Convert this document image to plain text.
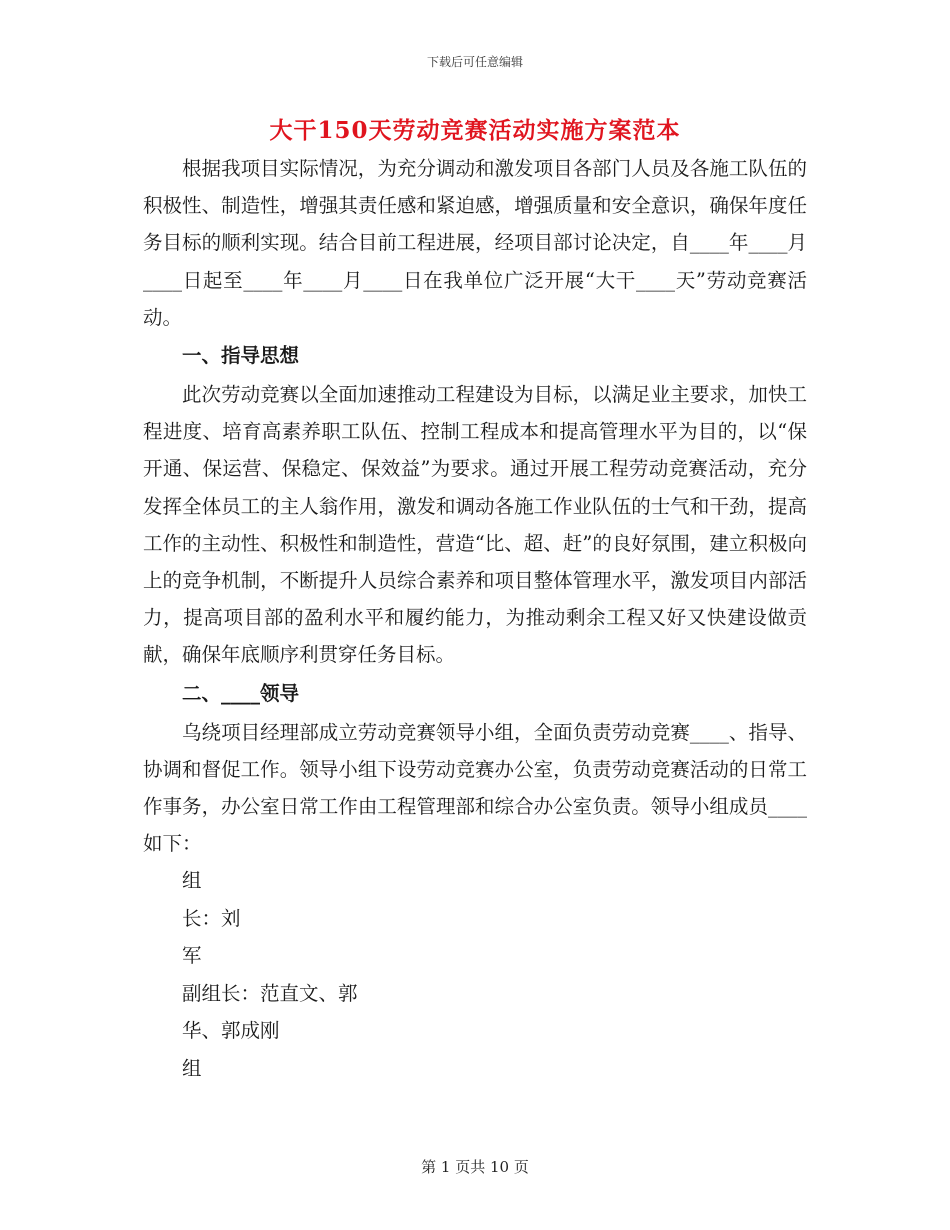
下载后可任意编辑
大干150天劳动竞赛活动实施方案范本

根据我项目实际情况，为充分调动和激发项目各部门人员及各施工队伍的积极性、制造性，增强其责任感和紧迫感，增强质量和安全意识，确保年度任务目标的顺利实现。结合目前工程进展，经项目部讨论决定，自____年____月____日起至____年____月____日在我单位广泛开展“大干____天”劳动竞赛活动。

一、指导思想

此次劳动竞赛以全面加速推动工程建设为目标，以满足业主要求，加快工程进度、培育高素养职工队伍、控制工程成本和提高管理水平为目的，以“保开通、保运营、保稳定、保效益”为要求。通过开展工程劳动竞赛活动，充分发挥全体员工的主人翁作用，激发和调动各施工作业队伍的士气和干劲，提高工作的主动性、积极性和制造性，营造“比、超、赶”的良好氛围，建立积极向上的竞争机制，不断提升人员综合素养和项目整体管理水平，激发项目内部活力，提高项目部的盈利水平和履约能力，为推动剩余工程又好又快建设做贡献，确保年底顺序利贯穿任务目标。

二、____领导

乌绕项目经理部成立劳动竞赛领导小组，全面负责劳动竞赛____、指导、协调和督促工作。领导小组下设劳动竞赛办公室，负责劳动竞赛活动的日常工作事务，办公室日常工作由工程管理部和综合办公室负责。领导小组成员____如下：

组
长：刘
军
副组长：范直文、郭
华、郭成刚
组
第 1 页共 10 页
